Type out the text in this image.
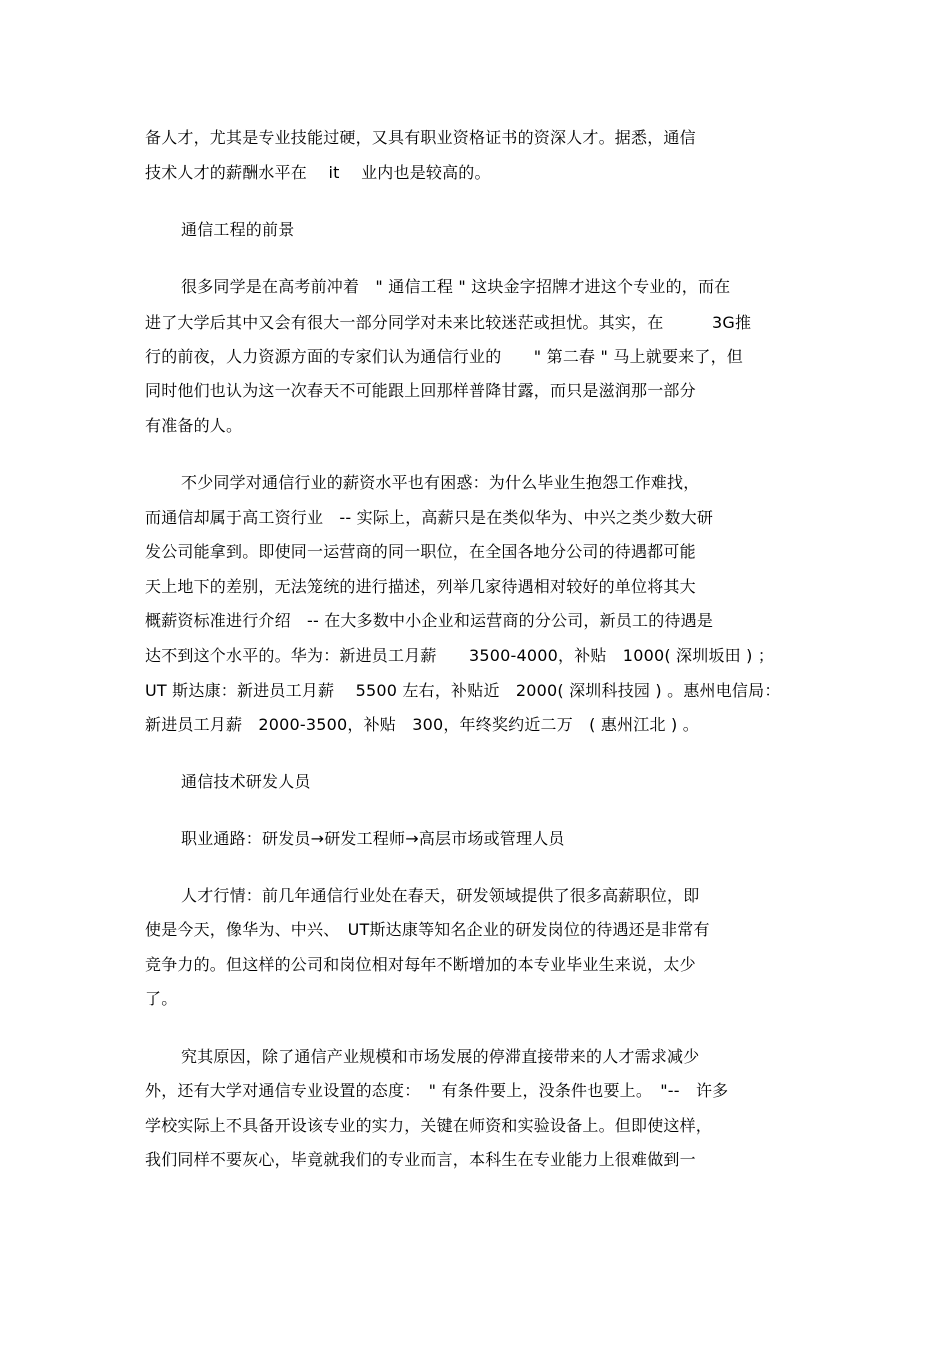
备人才，尤其是专业技能过硬，又具有职业资格证书的资深人才。据悉，通信
技术人才的薪酬水平在　 it 　业内也是较高的。
通信工程的前景
很多同学是在高考前冲着　" 通信工程 " 这块金字招牌才进这个专业的，而在
进了大学后其中又会有很大一部分同学对未来比较迷茫或担忧。其实，在　　　3G推
行的前夜，人力资源方面的专家们认为通信行业的　　" 第二春 " 马上就要来了，但
同时他们也认为这一次春天不可能跟上回那样普降甘露，而只是滋润那一部分
有准备的人。
不少同学对通信行业的薪资水平也有困惑：为什么毕业生抱怨工作难找，
而通信却属于高工资行业　-- 实际上，高薪只是在类似华为、中兴之类少数大研
发公司能拿到。即使同一运营商的同一职位，在全国各地分公司的待遇都可能
天上地下的差别，无法笼统的进行描述，列举几家待遇相对较好的单位将其大
概薪资标准进行介绍　-- 在大多数中小企业和运营商的分公司，新员工的待遇是
达不到这个水平的。华为：新进员工月薪　　3500-4000，补贴　1000( 深圳坂田 ) ；
UT 斯达康：新进员工月薪　 5500 左右，补贴近　2000( 深圳科技园 ) 。惠州电信局：
新进员工月薪　2000-3500，补贴　300，年终奖约近二万　( 惠州江北 ) 。
通信技术研发人员
职业通路：研发员→研发工程师→高层市场或管理人员
人才行情：前几年通信行业处在春天，研发领域提供了很多高薪职位，即
使是今天，像华为、中兴、　UT斯达康等知名企业的研发岗位的待遇还是非常有
竞争力的。但这样的公司和岗位相对每年不断增加的本专业毕业生来说，太少
了。
究其原因，除了通信产业规模和市场发展的停滞直接带来的人才需求减少
外，还有大学对通信专业设置的态度：　" 有条件要上，没条件也要上。　"--　许多
学校实际上不具备开设该专业的实力，关键在师资和实验设备上。但即使这样，
我们同样不要灰心，毕竟就我们的专业而言，本科生在专业能力上很难做到一
